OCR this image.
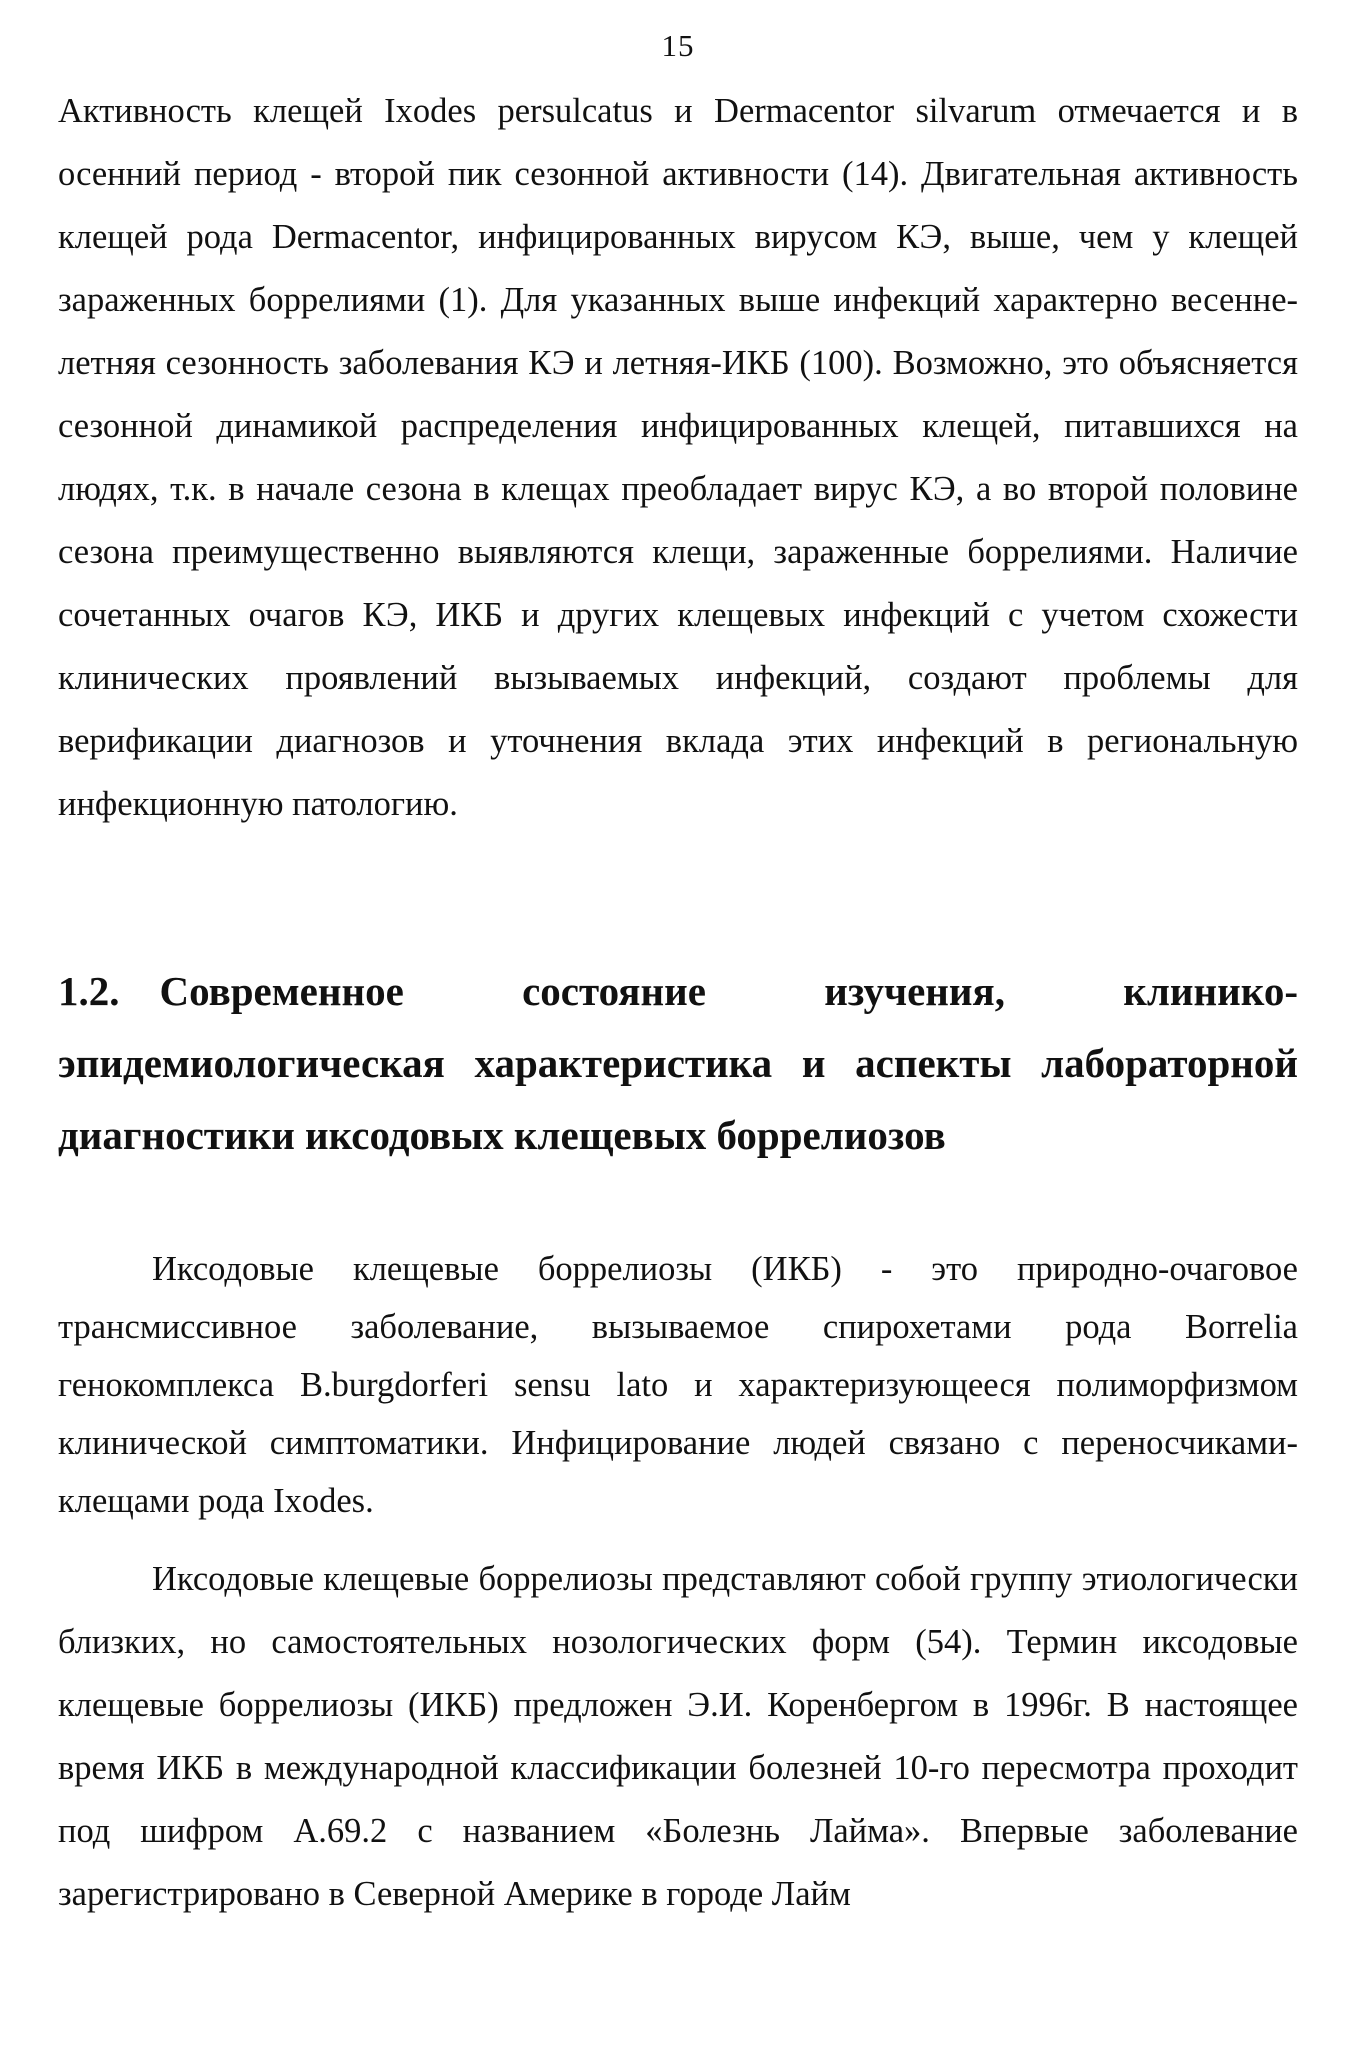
15

Активность клещей Ixodes persulcatus и Dermacentor silvarum отмечается и в осенний период - второй пик сезонной активности (14). Двигательная активность клещей рода Dermacentor, инфицированных вирусом КЭ, выше, чем у клещей зараженных боррелиями (1). Для указанных выше инфекций характерно весенне-летняя сезонность заболевания КЭ и летняя-ИКБ (100). Возможно, это объясняется сезонной динамикой распределения инфицированных клещей, питавшихся на людях, т.к. в начале сезона в клещах преобладает вирус КЭ, а во второй половине сезона преимущественно выявляются клещи, зараженные боррелиями. Наличие сочетанных очагов КЭ, ИКБ и других клещевых инфекций с учетом схожести клинических проявлений вызываемых инфекций, создают проблемы для верификации диагнозов и уточнения вклада этих инфекций в региональную инфекционную патологию.

1.2. Современное состояние изучения, клинико-эпидемиологическая характеристика и аспекты лабораторной диагностики иксодовых клещевых боррелиозов

Иксодовые клещевые боррелиозы (ИКБ) - это природно-очаговое трансмиссивное заболевание, вызываемое спирохетами рода Borrelia генокомплекса B.burgdorferi sensu lato и характеризующееся полиморфизмом клинической симптоматики. Инфицирование людей связано с переносчиками-клещами рода Ixodes.

Иксодовые клещевые боррелиозы представляют собой группу этиологически близких, но самостоятельных нозологических форм (54). Термин иксодовые клещевые боррелиозы (ИКБ) предложен Э.И. Коренбергом в 1996г. В настоящее время ИКБ в международной классификации болезней 10-го пересмотра проходит под шифром А.69.2 с названием «Болезнь Лайма». Впервые заболевание зарегистрировано в Северной Америке в городе Лайм
